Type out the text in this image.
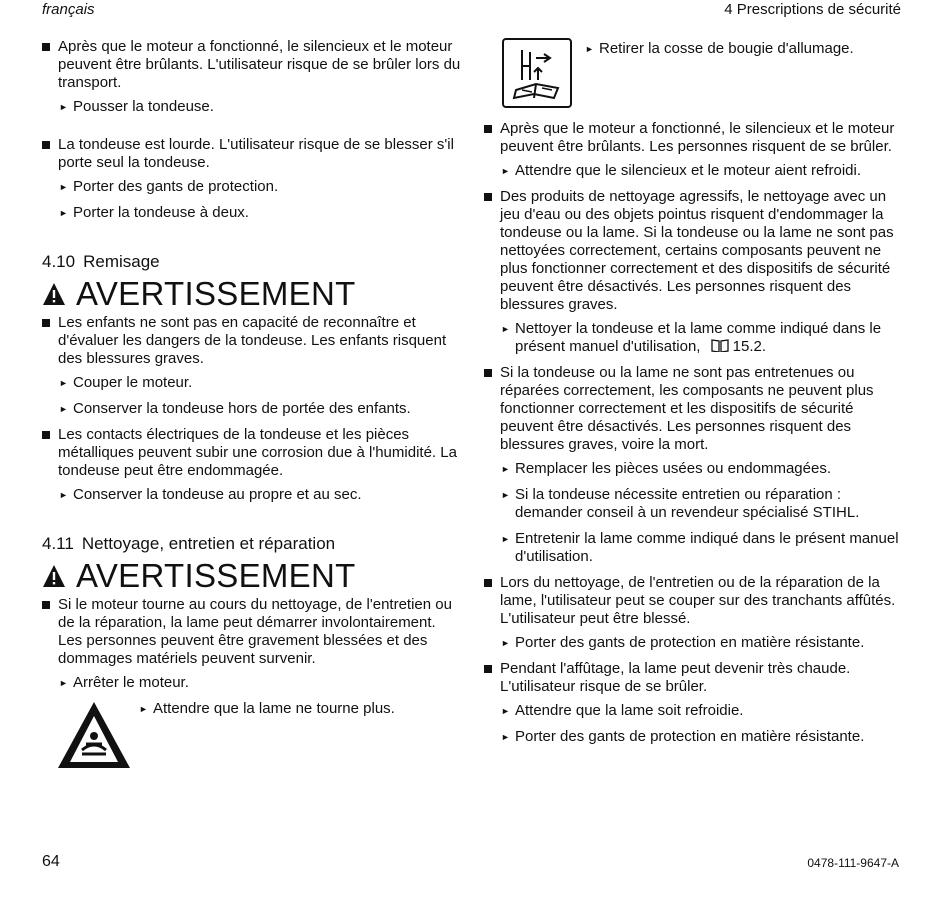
français	4 Prescriptions de sécurité
Après que le moteur a fonctionné, le silencieux et le moteur peuvent être brûlants. L'utilisateur risque de se brûler lors du transport.
► Pousser la tondeuse.
La tondeuse est lourde. L'utilisateur risque de se blesser s'il porte seul la tondeuse.
► Porter des gants de protection.
► Porter la tondeuse à deux.
4.10 Remisage
AVERTISSEMENT
Les enfants ne sont pas en capacité de reconnaître et d'évaluer les dangers de la tondeuse. Les enfants risquent des blessures graves.
► Couper le moteur.
► Conserver la tondeuse hors de portée des enfants.
Les contacts électriques de la tondeuse et les pièces métalliques peuvent subir une corrosion due à l'humidité. La tondeuse peut être endommagée.
► Conserver la tondeuse au propre et au sec.
4.11 Nettoyage, entretien et réparation
AVERTISSEMENT
Si le moteur tourne au cours du nettoyage, de l'entretien ou de la réparation, la lame peut démarrer involontairement. Les personnes peuvent être gravement blessées et des dommages matériels peuvent survenir.
► Arrêter le moteur.
► Attendre que la lame ne tourne plus.
► Retirer la cosse de bougie d'allumage.
Après que le moteur a fonctionné, le silencieux et le moteur peuvent être brûlants. Les personnes risquent de se brûler.
► Attendre que le silencieux et le moteur aient refroidi.
Des produits de nettoyage agressifs, le nettoyage avec un jeu d'eau ou des objets pointus risquent d'endommager la tondeuse ou la lame. Si la tondeuse ou la lame ne sont pas nettoyées correctement, certains composants peuvent ne plus fonctionner correctement et des dispositifs de sécurité peuvent être désactivés. Les personnes risquent des blessures graves.
► Nettoyer la tondeuse et la lame comme indiqué dans le présent manuel d'utilisation, 15.2.
Si la tondeuse ou la lame ne sont pas entretenues ou réparées correctement, les composants ne peuvent plus fonctionner correctement et les dispositifs de sécurité peuvent être désactivés. Les personnes risquent des blessures graves, voire la mort.
► Remplacer les pièces usées ou endommagées.
► Si la tondeuse nécessite entretien ou réparation : demander conseil à un revendeur spécialisé STIHL.
► Entretenir la lame comme indiqué dans le présent manuel d'utilisation.
Lors du nettoyage, de l'entretien ou de la réparation de la lame, l'utilisateur peut se couper sur des tranchants affûtés. L'utilisateur peut être blessé.
► Porter des gants de protection en matière résistante.
Pendant l'affûtage, la lame peut devenir très chaude. L'utilisateur risque de se brûler.
► Attendre que la lame soit refroidie.
► Porter des gants de protection en matière résistante.
64	0478-111-9647-A
